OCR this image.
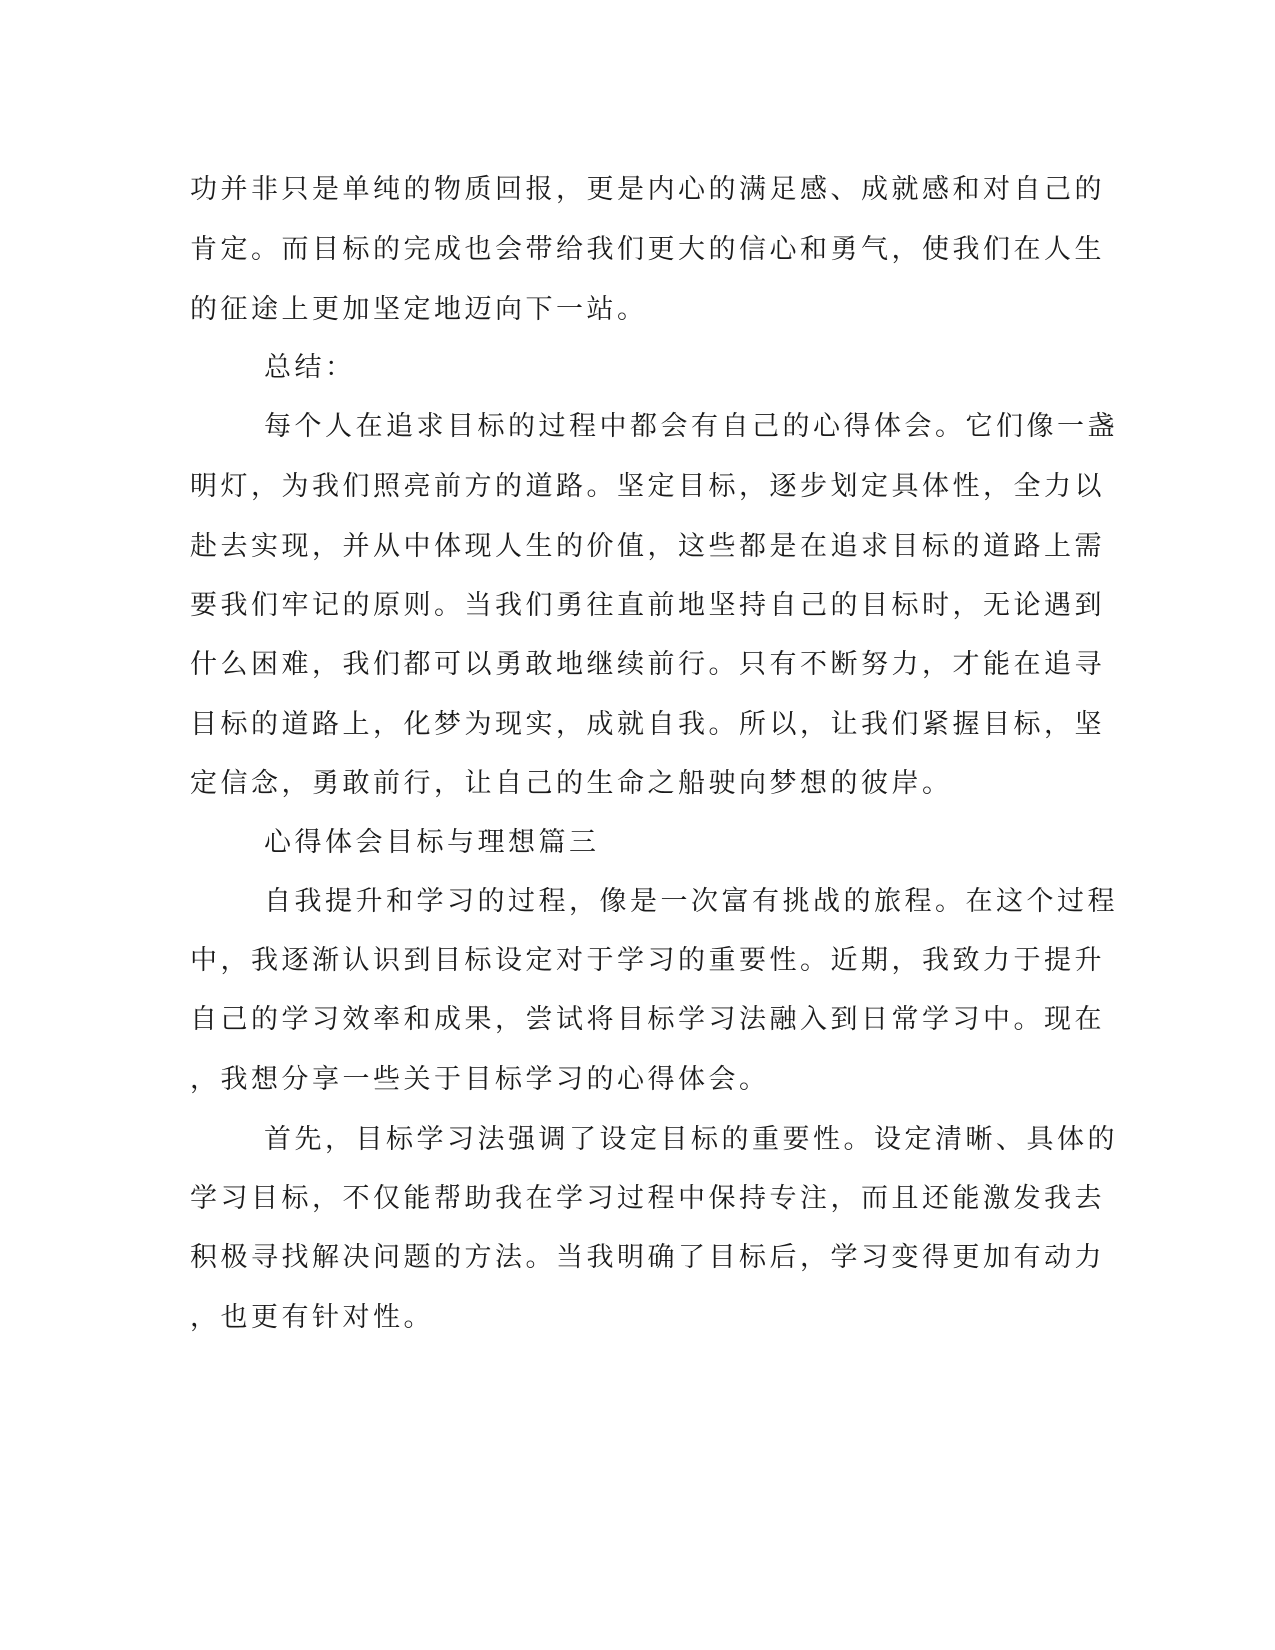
功并非只是单纯的物质回报，更是内心的满足感、成就感和对自己的
肯定。而目标的完成也会带给我们更大的信心和勇气，使我们在人生
的征途上更加坚定地迈向下一站。
总结：
每个人在追求目标的过程中都会有自己的心得体会。它们像一盏
明灯，为我们照亮前方的道路。坚定目标，逐步划定具体性，全力以
赴去实现，并从中体现人生的价值，这些都是在追求目标的道路上需
要我们牢记的原则。当我们勇往直前地坚持自己的目标时，无论遇到
什么困难，我们都可以勇敢地继续前行。只有不断努力，才能在追寻
目标的道路上，化梦为现实，成就自我。所以，让我们紧握目标，坚
定信念，勇敢前行，让自己的生命之船驶向梦想的彼岸。
心得体会目标与理想篇三
自我提升和学习的过程，像是一次富有挑战的旅程。在这个过程
中，我逐渐认识到目标设定对于学习的重要性。近期，我致力于提升
自己的学习效率和成果，尝试将目标学习法融入到日常学习中。现在
，我想分享一些关于目标学习的心得体会。
首先，目标学习法强调了设定目标的重要性。设定清晰、具体的
学习目标，不仅能帮助我在学习过程中保持专注，而且还能激发我去
积极寻找解决问题的方法。当我明确了目标后，学习变得更加有动力
，也更有针对性。
